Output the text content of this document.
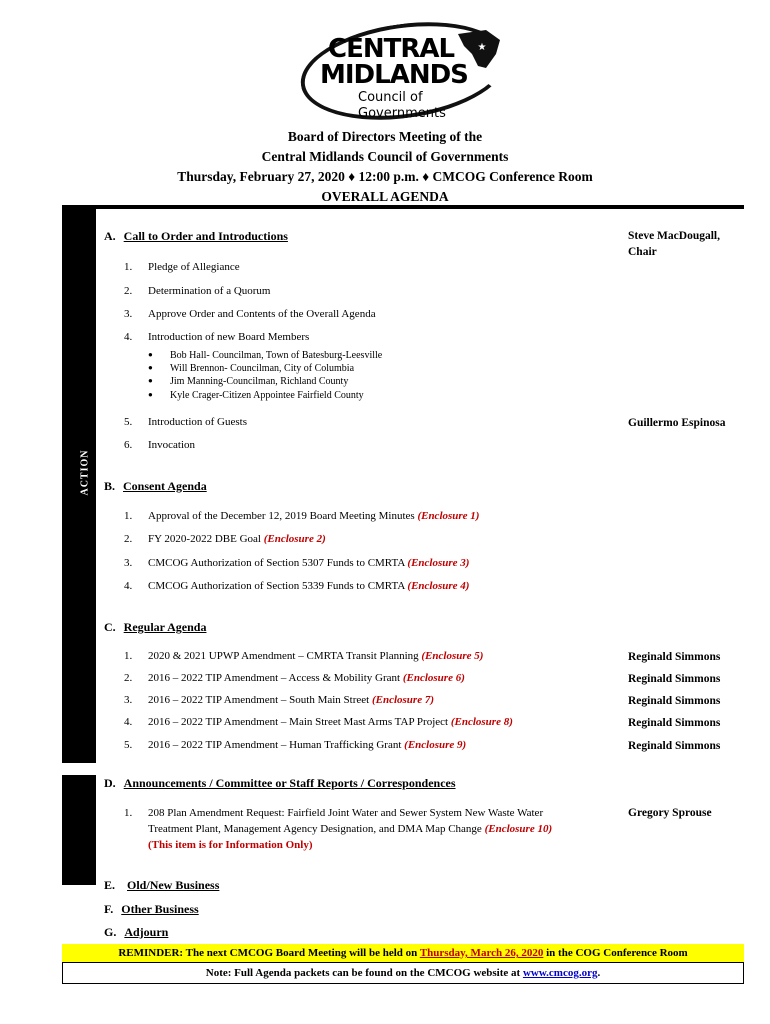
★
CENTRAL
MIDLANDS
Council of Governments
Board of Directors Meeting of the
Central Midlands Council of Governments
Thursday, February 27, 2020 ♦ 12:00 p.m. ♦ CMCOG Conference Room
OVERALL AGENDA
ACTION
INFORMATION
A. Call to Order and Introductions	Steve MacDougall,
Chair
1. Pledge of Allegiance
2. Determination of a Quorum
3. Approve Order and Contents of the Overall Agenda
4. Introduction of new Board Members
● Bob Hall- Councilman, Town of Batesburg-Leesville
● Will Brennon- Councilman, City of Columbia
● Jim Manning-Councilman, Richland County
● Kyle Crager-Citizen Appointee Fairfield County
5. Introduction of Guests	Guillermo Espinosa
6. Invocation
B. Consent Agenda
1. Approval of the December 12, 2019 Board Meeting Minutes (Enclosure 1)
2. FY 2020-2022 DBE Goal (Enclosure 2)
3. CMCOG Authorization of Section 5307 Funds to CMRTA (Enclosure 3)
4. CMCOG Authorization of Section 5339 Funds to CMRTA (Enclosure 4)
C. Regular Agenda
1. 2020 & 2021 UPWP Amendment – CMRTA Transit Planning (Enclosure 5)	Reginald Simmons
2. 2016 – 2022 TIP Amendment – Access & Mobility Grant (Enclosure 6)	Reginald Simmons
3. 2016 – 2022 TIP Amendment – South Main Street (Enclosure 7)	Reginald Simmons
4. 2016 – 2022 TIP Amendment – Main Street Mast Arms TAP Project (Enclosure 8)	Reginald Simmons
5. 2016 – 2022 TIP Amendment – Human Trafficking Grant (Enclosure 9)	Reginald Simmons
D. Announcements / Committee or Staff Reports / Correspondences
1. 208 Plan Amendment Request: Fairfield Joint Water and Sewer System New Waste Water
Treatment Plant, Management Agency Designation, and DMA Map Change (Enclosure 10)
(This item is for Information Only)
Gregory Sprouse
E. Old/New Business
F. Other Business
G. Adjourn
REMINDER: The next CMCOG Board Meeting will be held on Thursday, March 26, 2020 in the COG Conference Room
Note: Full Agenda packets can be found on the CMCOG website at www.cmcog.org.
